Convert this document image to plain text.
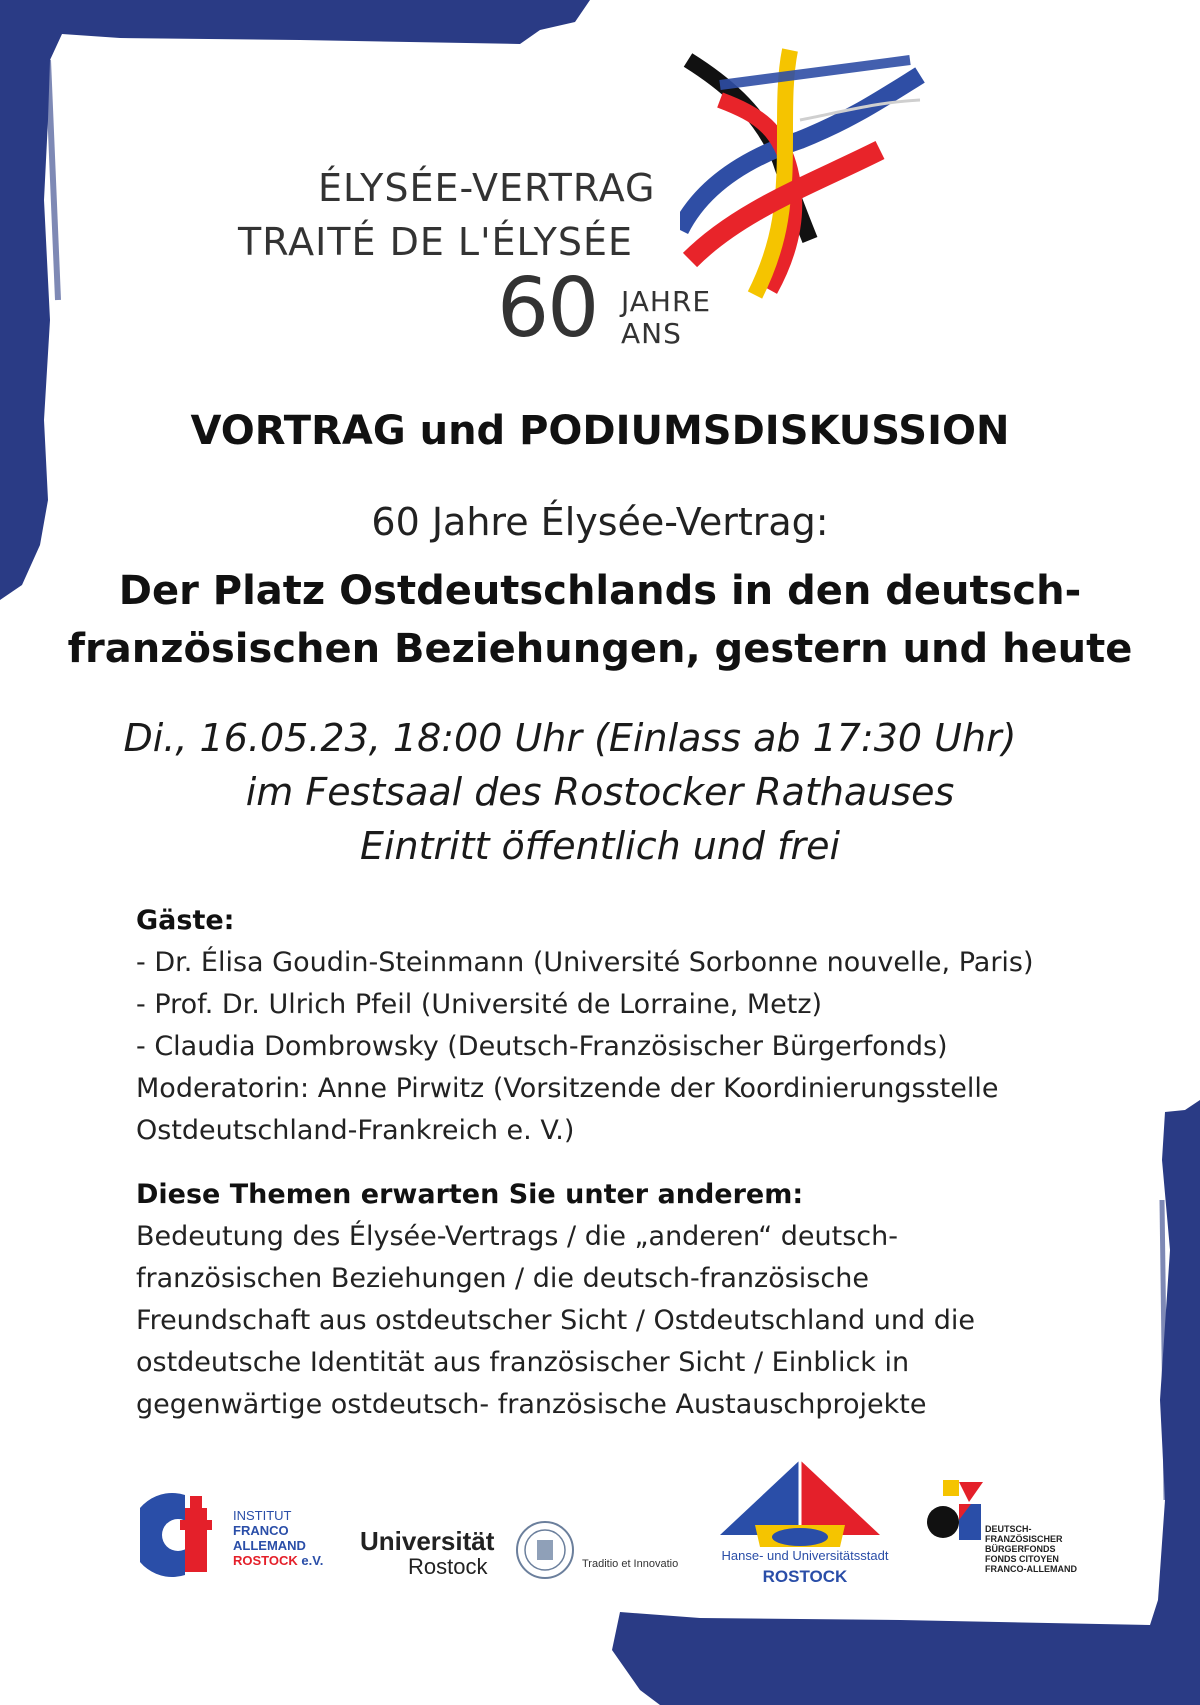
ÉLYSÉE-VERTRAG
TRAITÉ DE L'ÉLYSÉE
60 JAHRE
ANS
VORTRAG und PODIUMSDISKUSSION
60 Jahre Élysée-Vertrag:
Der Platz Ostdeutschlands in den deutsch-
französischen Beziehungen, gestern und heute
Di., 16.05.23, 18:00 Uhr (Einlass ab 17:30 Uhr)
im Festsaal des Rostocker Rathauses
Eintritt öffentlich und frei
Gäste:
- Dr. Élisa Goudin-Steinmann (Université Sorbonne nouvelle, Paris)
- Prof. Dr. Ulrich Pfeil (Université de Lorraine, Metz)
- Claudia Dombrowsky (Deutsch-Französischer Bürgerfonds)
Moderatorin: Anne Pirwitz (Vorsitzende der Koordinierungsstelle
Ostdeutschland-Frankreich e. V.)
Diese Themen erwarten Sie unter anderem:
Bedeutung des Élysée-Vertrags / die „anderen“ deutsch-
französischen Beziehungen / die deutsch-französische
Freundschaft aus ostdeutscher Sicht / Ostdeutschland und die
ostdeutsche Identität aus französischer Sicht / Einblick in
gegenwärtige ostdeutsch- französische Austauschprojekte
INSTITUT
FRANCO
ALLEMAND
ROSTOCK e.V.
Universität
Rostock	Traditio et Innovatio
Hanse- und Universitätsstadt
ROSTOCK
DEUTSCH-
FRANZÖSISCHER
BÜRGERFONDS
FONDS CITOYEN
FRANCO-ALLEMAND
